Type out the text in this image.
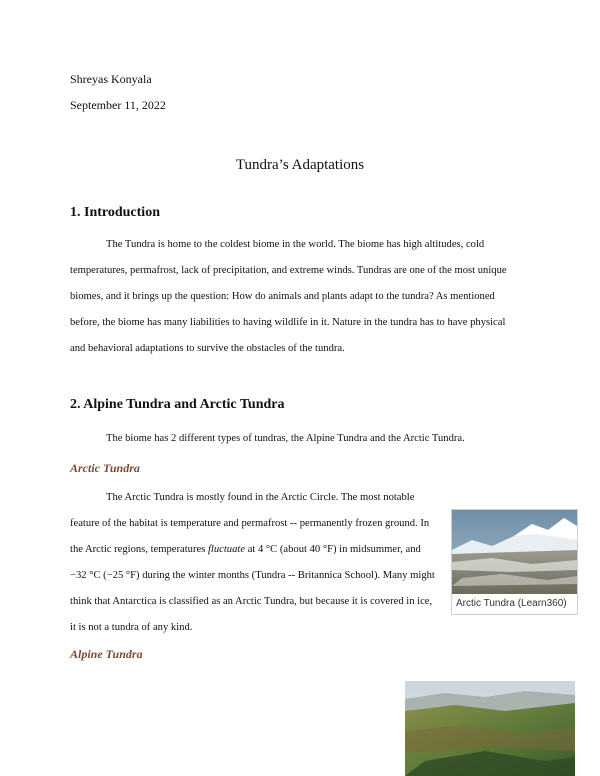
Shreyas Konyala
September 11, 2022
Tundra’s Adaptations
1. Introduction
The Tundra is home to the coldest biome in the world. The biome has high altitudes, cold
temperatures, permafrost, lack of precipitation, and extreme winds. Tundras are one of the most unique
biomes, and it brings up the question: How do animals and plants adapt to the tundra? As mentioned
before, the biome has many liabilities to having wildlife in it. Nature in the tundra has to have physical
and behavioral adaptations to survive the obstacles of the tundra.
2. Alpine Tundra and Arctic Tundra
The biome has 2 different types of tundras, the Alpine Tundra and the Arctic Tundra.
Arctic Tundra
The Arctic Tundra is mostly found in the Arctic Circle. The most notable
feature of the habitat is temperature and permafrost -- permanently frozen ground. In
the Arctic regions, temperatures fluctuate at 4 °C (about 40 °F) in midsummer, and
−32 °C (−25 °F) during the winter months (Tundra -- Britannica School). Many might
think that Antarctica is classified as an Arctic Tundra, but because it is covered in ice,
it is not a tundra of any kind.
Arctic Tundra (Learn360)
Alpine Tundra
